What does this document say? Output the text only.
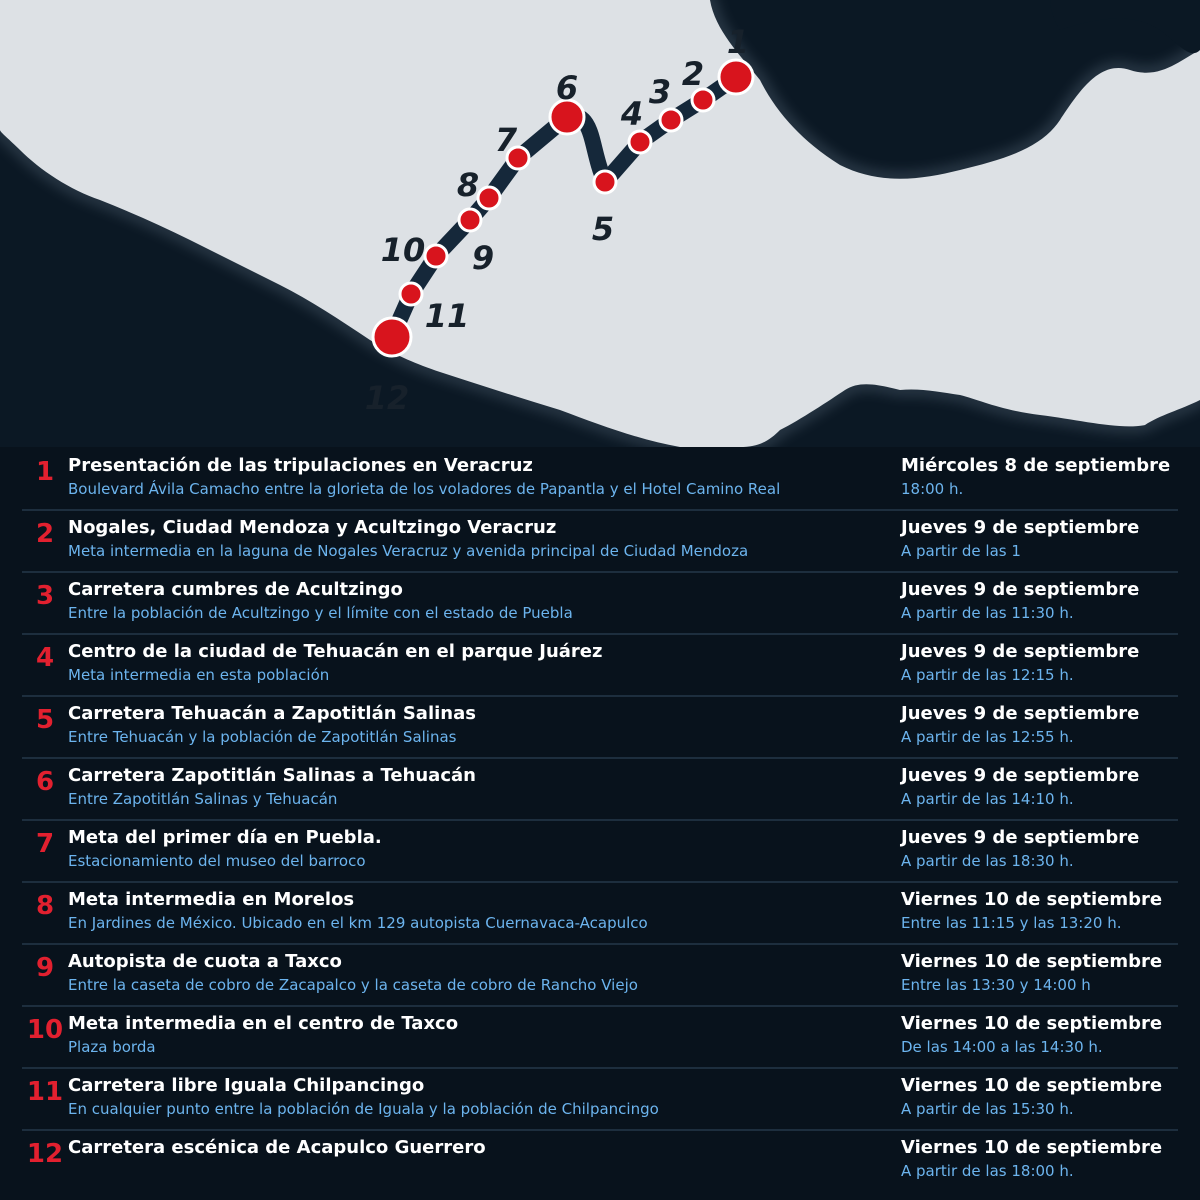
1
2
3
4
5
6
7
8
9
10
11
12
1 Presentación de las tripulaciones en Veracruz
Boulevard Ávila Camacho entre la glorieta de los voladores de Papantla y el Hotel Camino Real
Miércoles 8 de septiembre
18:00 h.
2 Nogales, Ciudad Mendoza y Acultzingo Veracruz
Meta intermedia en la laguna de Nogales Veracruz y avenida principal de Ciudad Mendoza
Jueves 9 de septiembre
A partir de las 1
3 Carretera cumbres de Acultzingo
Entre la población de Acultzingo y el límite con el estado de Puebla
Jueves 9 de septiembre
A partir de las 11:30 h.
4 Centro de la ciudad de Tehuacán en el parque Juárez
Meta intermedia en esta población
Jueves 9 de septiembre
A partir de las 12:15 h.
5 Carretera Tehuacán a Zapotitlán Salinas
Entre Tehuacán y la población de Zapotitlán Salinas
Jueves 9 de septiembre
A partir de las 12:55 h.
6 Carretera Zapotitlán Salinas a Tehuacán
Entre Zapotitlán Salinas y Tehuacán
Jueves 9 de septiembre
A partir de las 14:10 h.
7 Meta del primer día en Puebla.
Estacionamiento del museo del barroco
Jueves 9 de septiembre
A partir de las 18:30 h.
8 Meta intermedia en Morelos
En Jardines de México. Ubicado en el km 129 autopista Cuernavaca-Acapulco
Viernes 10 de septiembre
Entre las 11:15 y las 13:20 h.
9 Autopista de cuota a Taxco
Entre la caseta de cobro de Zacapalco y la caseta de cobro de Rancho Viejo
Viernes 10 de septiembre
Entre las 13:30 y 14:00 h
10 Meta intermedia en el centro de Taxco
Plaza borda
Viernes 10 de septiembre
De las 14:00 a las 14:30 h.
11 Carretera libre Iguala Chilpancingo
En cualquier punto entre la población de Iguala y la población de Chilpancingo
Viernes 10 de septiembre
A partir de las 15:30 h.
12 Carretera escénica de Acapulco Guerrero	Viernes 10 de septiembre
A partir de las 18:00 h.
